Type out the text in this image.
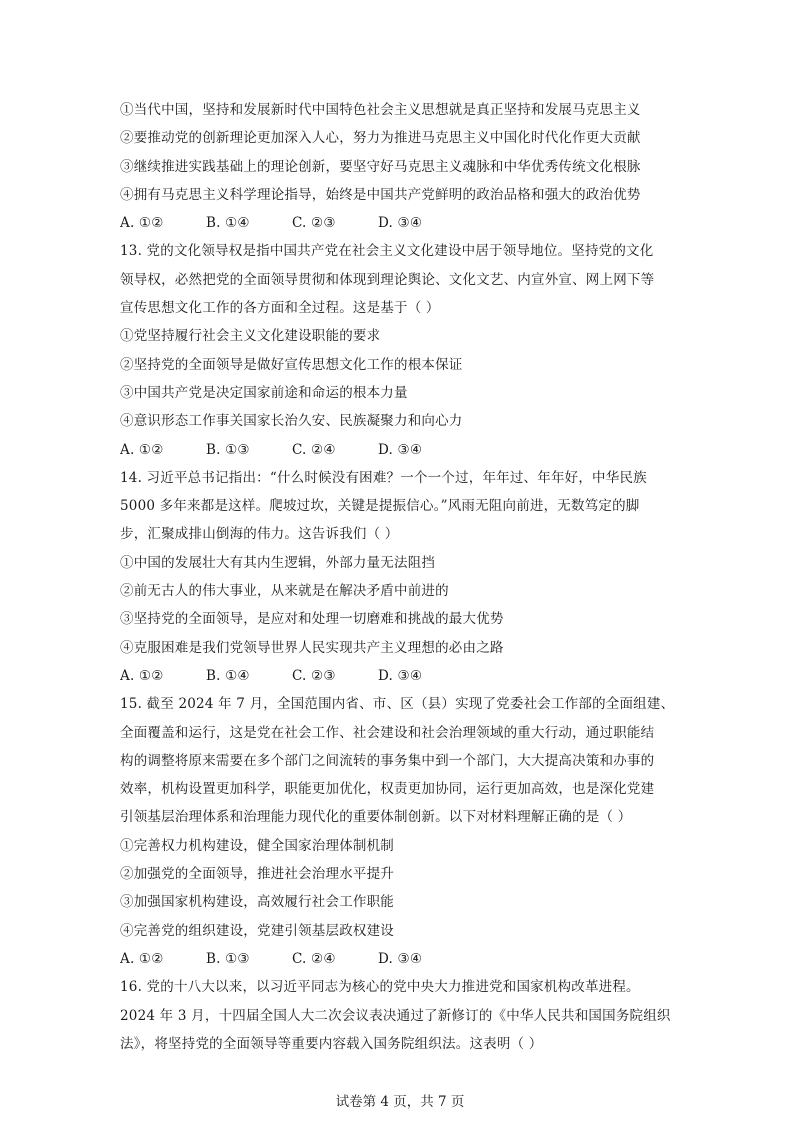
①当代中国，坚持和发展新时代中国特色社会主义思想就是真正坚持和发展马克思主义
②要推动党的创新理论更加深入人心，努力为推进马克思主义中国化时代化作更大贡献
③继续推进实践基础上的理论创新，要坚守好马克思主义魂脉和中华优秀传统文化根脉
④拥有马克思主义科学理论指导，始终是中国共产党鲜明的政治品格和强大的政治优势
A. ①②	B. ①④	C. ②③	D. ③④
13. 党的文化领导权是指中国共产党在社会主义文化建设中居于领导地位。坚持党的文化
领导权，必然把党的全面领导贯彻和体现到理论舆论、文化文艺、内宣外宣、网上网下等
宣传思想文化工作的各方面和全过程。这是基于（ ）
①党坚持履行社会主义文化建设职能的要求
②坚持党的全面领导是做好宣传思想文化工作的根本保证
③中国共产党是决定国家前途和命运的根本力量
④意识形态工作事关国家长治久安、民族凝聚力和向心力
A. ①②	B. ①③	C. ②④	D. ③④
14. 习近平总书记指出：“什么时候没有困难？一个一个过，年年过、年年好，中华民族
5000 多年来都是这样。爬坡过坎，关键是提振信心。”风雨无阻向前进，无数笃定的脚
步，汇聚成排山倒海的伟力。这告诉我们（ ）
①中国的发展壮大有其内生逻辑，外部力量无法阻挡
②前无古人的伟大事业，从来就是在解决矛盾中前进的
③坚持党的全面领导，是应对和处理一切磨难和挑战的最大优势
④克服困难是我们党领导世界人民实现共产主义理想的必由之路
A. ①②	B. ①④	C. ②③	D. ③④
15. 截至 2024 年 7 月，全国范围内省、市、区（县）实现了党委社会工作部的全面组建、
全面覆盖和运行，这是党在社会工作、社会建设和社会治理领域的重大行动，通过职能结
构的调整将原来需要在多个部门之间流转的事务集中到一个部门，大大提高决策和办事的
效率，机构设置更加科学，职能更加优化，权责更加协同，运行更加高效，也是深化党建
引领基层治理体系和治理能力现代化的重要体制创新。以下对材料理解正确的是（ ）
①完善权力机构建设，健全国家治理体制机制
②加强党的全面领导，推进社会治理水平提升
③加强国家机构建设，高效履行社会工作职能
④完善党的组织建设，党建引领基层政权建设
A. ①②	B. ①③	C. ②④	D. ③④
16. 党的十八大以来，以习近平同志为核心的党中央大力推进党和国家机构改革进程。
2024 年 3 月，十四届全国人大二次会议表决通过了新修订的《中华人民共和国国务院组织
法》，将坚持党的全面领导等重要内容载入国务院组织法。这表明（ ）
试卷第 4 页，共 7 页
